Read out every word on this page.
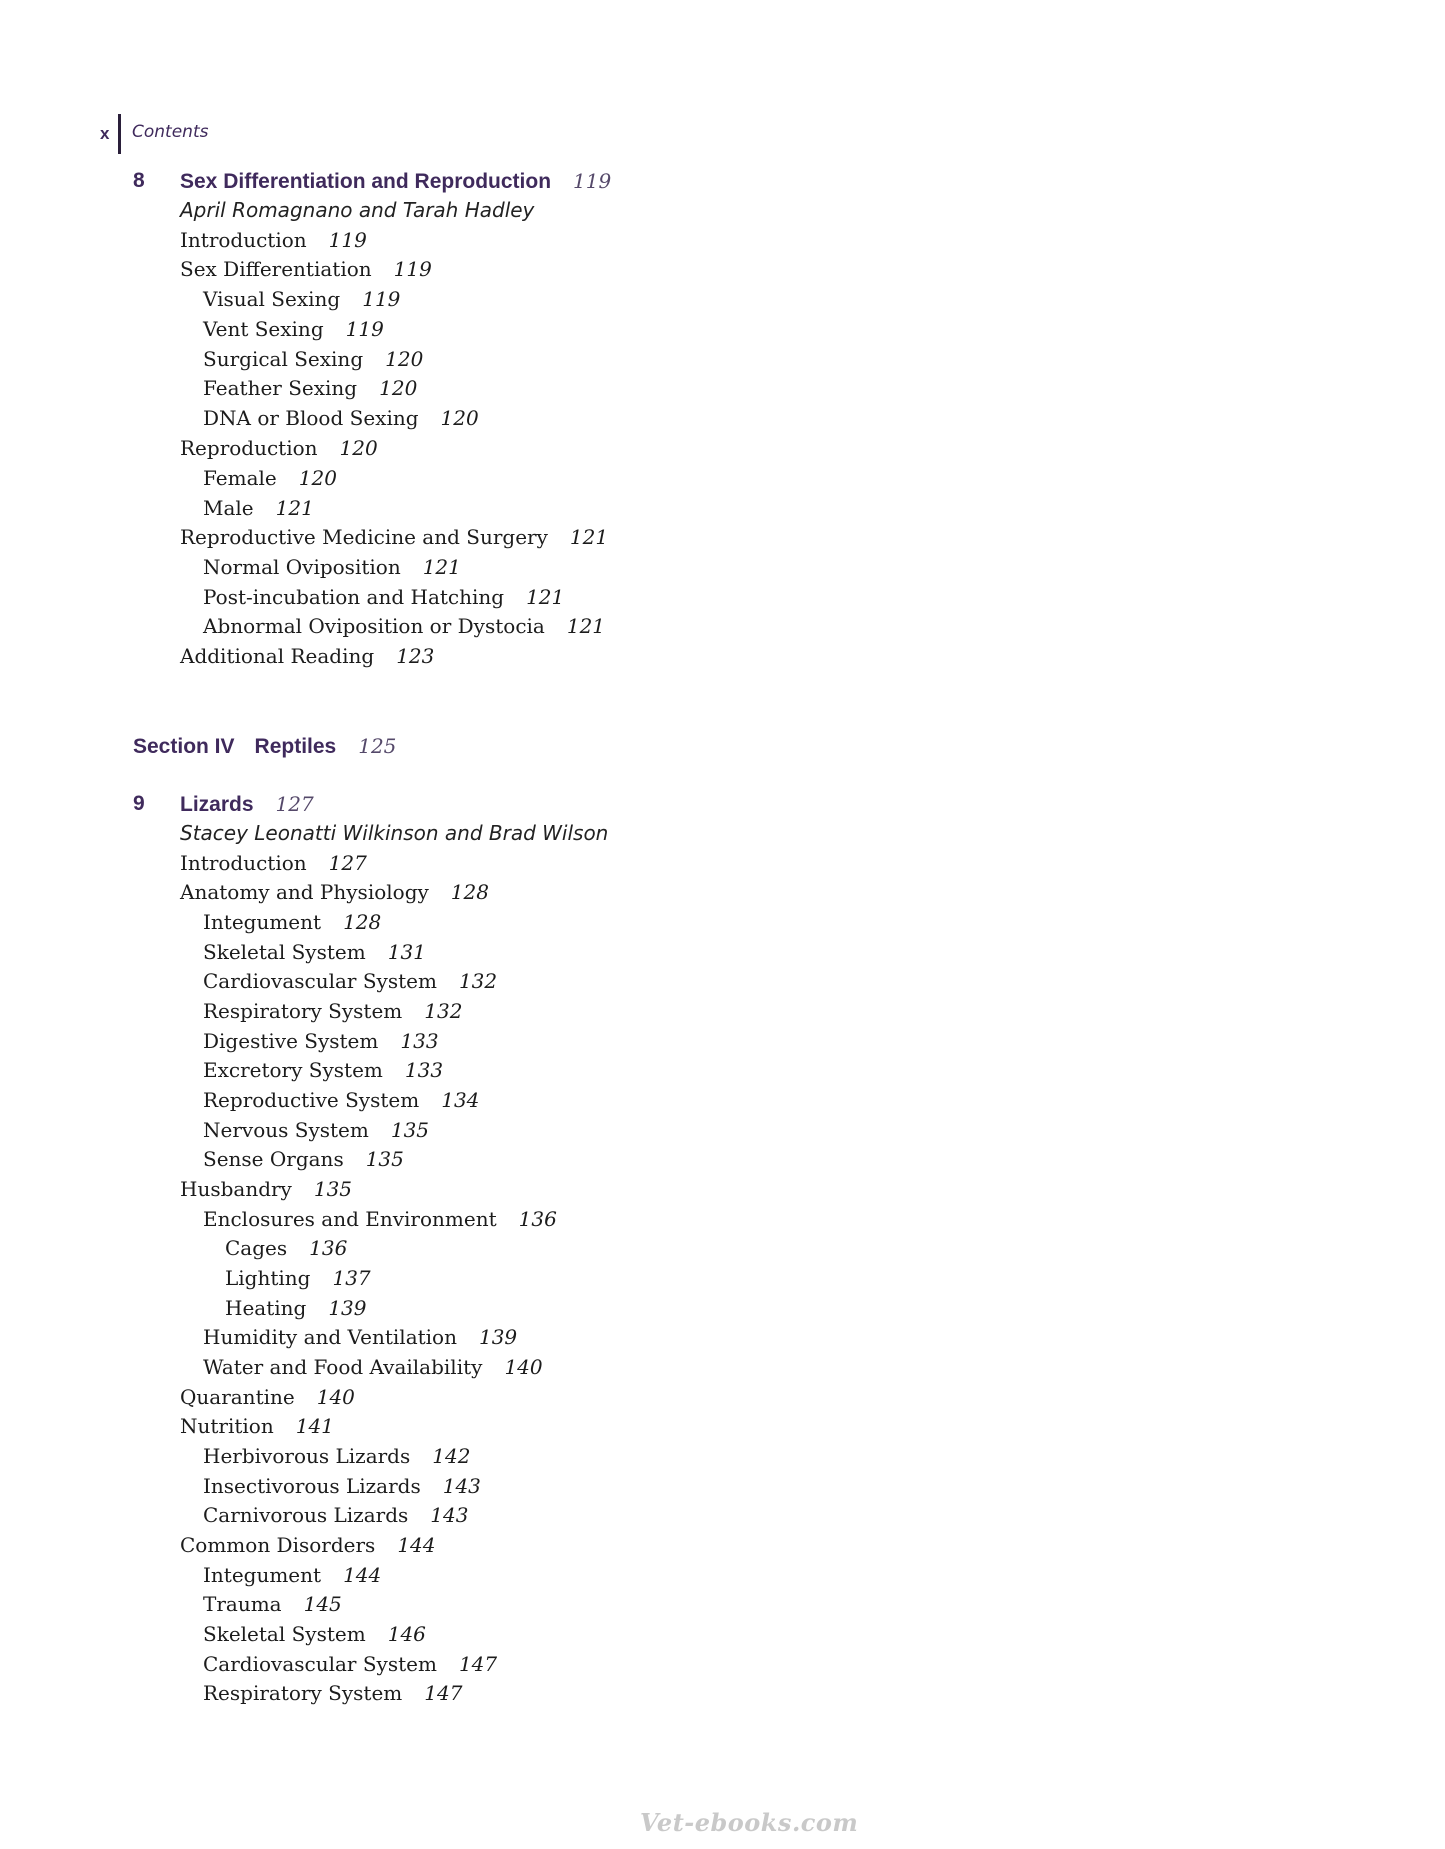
x Contents
8 Sex Differentiation and Reproduction 119
April Romagnano and Tarah Hadley
Introduction 119
Sex Differentiation 119
Visual Sexing 119
Vent Sexing 119
Surgical Sexing 120
Feather Sexing 120
DNA or Blood Sexing 120
Reproduction 120
Female 120
Male 121
Reproductive Medicine and Surgery 121
Normal Oviposition 121
Post-incubation and Hatching 121
Abnormal Oviposition or Dystocia 121
Additional Reading 123
Section IV Reptiles 125
9 Lizards 127
Stacey Leonatti Wilkinson and Brad Wilson
Introduction 127
Anatomy and Physiology 128
Integument 128
Skeletal System 131
Cardiovascular System 132
Respiratory System 132
Digestive System 133
Excretory System 133
Reproductive System 134
Nervous System 135
Sense Organs 135
Husbandry 135
Enclosures and Environment 136
Cages 136
Lighting 137
Heating 139
Humidity and Ventilation 139
Water and Food Availability 140
Quarantine 140
Nutrition 141
Herbivorous Lizards 142
Insectivorous Lizards 143
Carnivorous Lizards 143
Common Disorders 144
Integument 144
Trauma 145
Skeletal System 146
Cardiovascular System 147
Respiratory System 147
Vet-ebooks.com
